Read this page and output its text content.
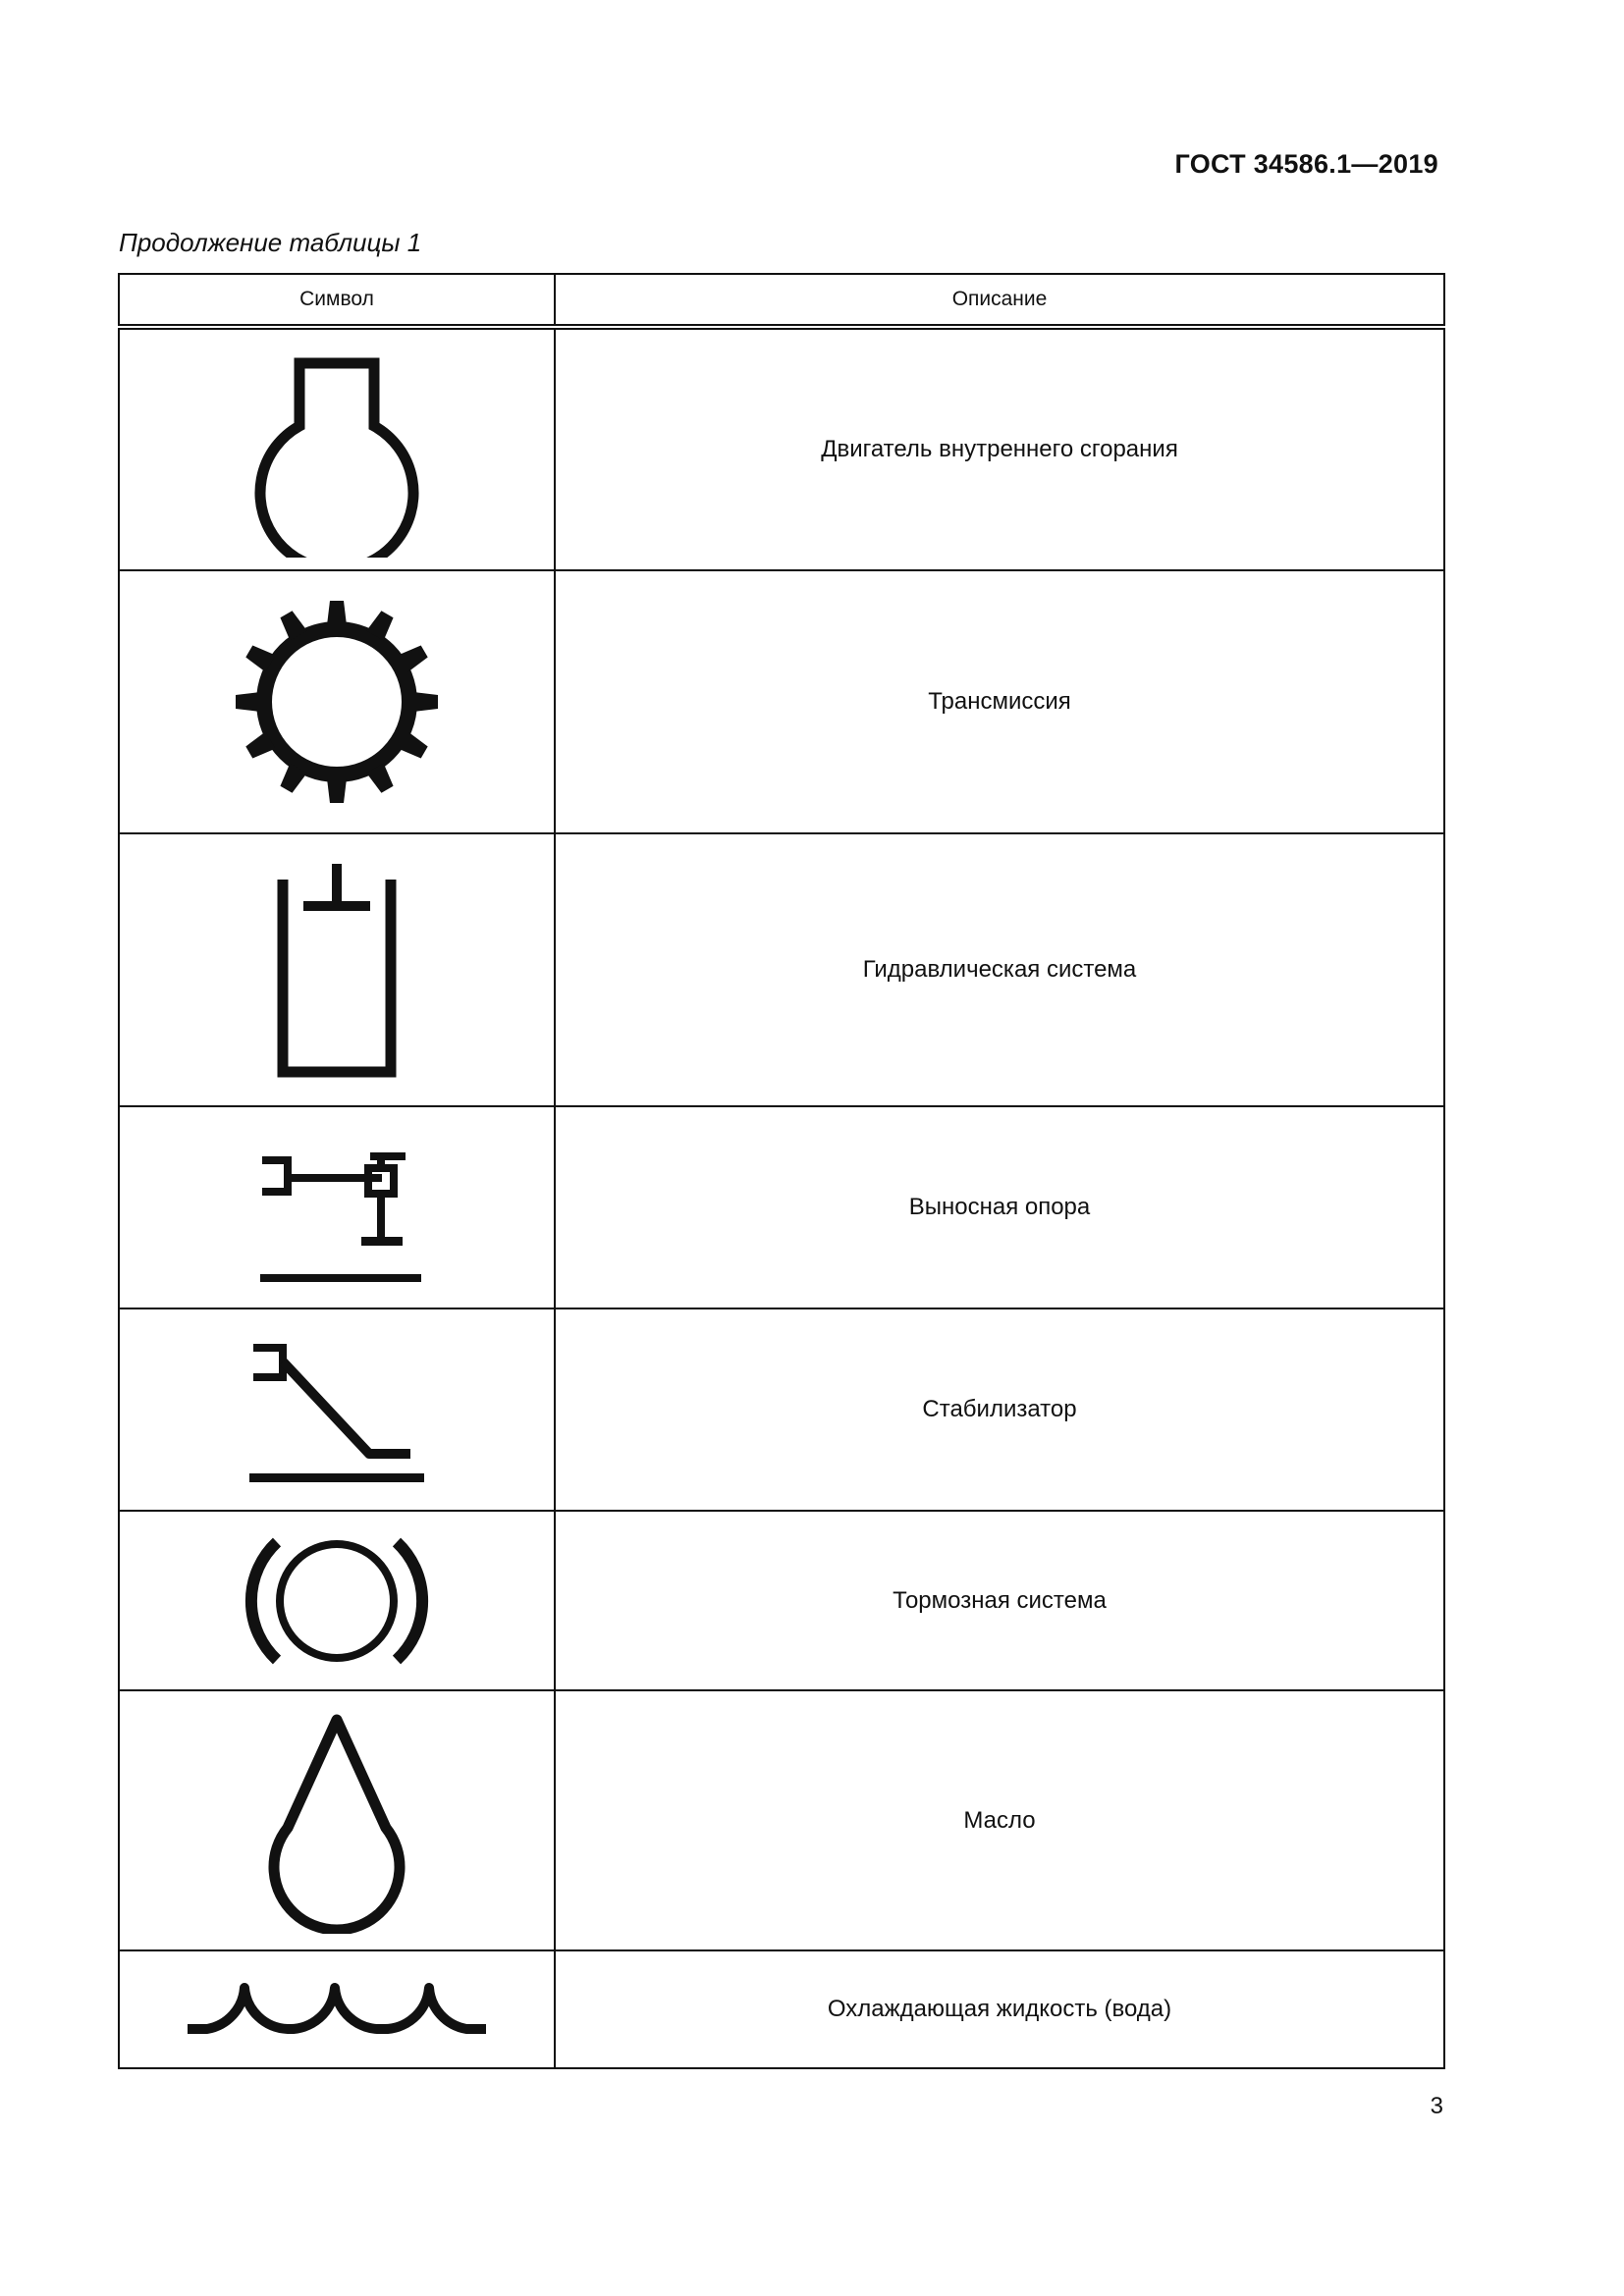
ГОСТ 34586.1—2019
Продолжение таблицы 1
Символ	Описание

	Двигатель внутреннего сгорания

	Трансмиссия

	Гидравлическая система

	Выносная опора

	Стабилизатор

	Тормозная система

	Масло

	Охлаждающая жидкость (вода)
3
